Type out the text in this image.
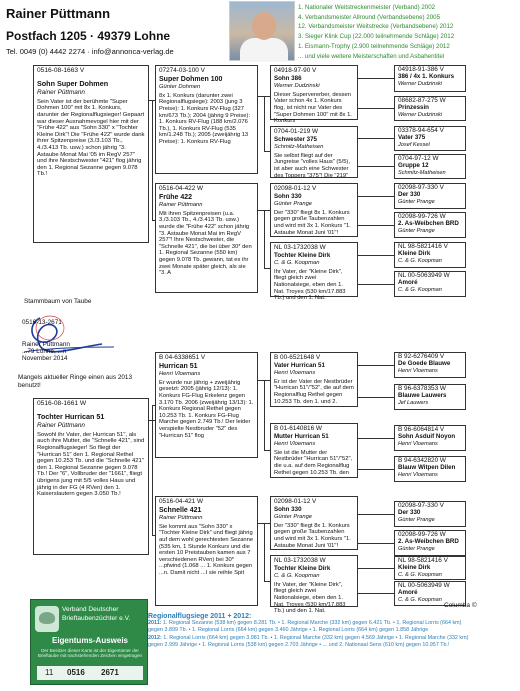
Rainer Püttmann
Postfach 1205 · 49379 Lohne
Tel. 0049 (0) 4442 2274 · info@annonca-verlag.de
1. Nationaler Weitstreckenmeister (Verband) 2002
4. Verbandsmeister Allround (Verbandsebene) 2005
12. Verbandsmeister Weitstrecke (Verbandsebene) 2012
3. Sieger Klink Cup (22.000 teilnehmende Schläge) 2012
1. Eismann-Trophy (2.900 teilnehmende Schläge) 2012
... und viele weitere Meisterschaften und Asbahentitel
0516-08-1663 V
Sohn Super Dohmen
Rainer Püttmann
Sein Vater ist der berühmte "Super Dohmen 100" mit 8x 1. Konkurs, darunter der Regionalflugsieger! Gepaart war dieser Ausnahmevogel hier mit der "Frühe 422" aus "Sohn 330" x "Tochter Kleine Dirk"! Die "Frühe 422" wurde dank ihrer Spitzenpreise (3./3.103 Tb., 4./3.413 Tb. usw.) schon jährig "3. Astaube Monat Mai '05 im RegV 257" und ihre Nestschwester "421" flog jährig den 1. Regional Sezanne gegen 9.078 Tb.!
07274-03-100 V
Super Dohmen 100
Günter Dohmen
8x 1. Konkurs (darunter zwei Regionalflugsiege): 2003 (jung 3 Preise): 1. Konkurs RV-Flug (327 km/673 Tb.); 2004 (jährig 9 Preise): 1. Konkurs RV-Flug (188 km/2.076 Tb.), 1. Konkurs RV-Flug (535 km/1.248 Tb.); 2005 (zweijährig 13 Preise): 1. Konkurs RV-Flug
0516-04-422 W
Frühe 422
Rainer Püttmann
Mit ihren Spitzenpreisen (u.a. 3./3.103 Tb., 4./3.413 Tb. usw.) wurde die "Frühe 422" schon jährig "3. Astaube Monat Mai im RegV 257"! Ihre Nestschwester, die "Schnelle 421", die bei über 30* den 1. Regional Sezanne (550 km) gegen 9.078 Tb. gewann, tat es ihr zwei Monate später gleich, als sie "3. A
04918-97-90 V
Sohn 386
Werner Dudzinski
Dieser Supervererber, dessen Vater schon 4x 1. Konkurs flog, ist nicht nur Vater des "Super Dohmen 100" mit 8x 1. Konkurs
0704-01-219 W
Schwester 375
Schmitz-Matheisen
Sie selbst fliegt auf der Jungreise "volles Haus" (5/5), ist aber auch eine Schwester des Toppers "375"! Die "219"
02098-01-12 V
Sohn 330
Günter Prange
Der "330" fliegt 8x 1. Konkurs gegen große Taubenzahlen und wird mit 3x 1. Konkurs "1. Astaube Monat Juni '01"!
NL 03-1732038 W
Tochter Kleine Dirk
C. & G. Koopman
Ihr Vater, der "Kleine Dirk", fliegt gleich zwei Nationalsiege, eben den 1. Nat. Troyes (530 km/17.883 Tb.) und den 1. Nat.
04918-91-386 V
386 / 4x 1. Konkurs
Werner Dudzinski
08682-87-275 W
Prinzessin
Werner Dudzinski
03378-94-654 V
Vater 375
Josef Kessel
0704-97-12 W
Gruppe 12
Schmitz-Matheisen
02098-97-330 V
Der 330
Günter Prange
02098-99-726 W
2. As-Weibchen BRD
Günter Prange
NL 98-5821416 V
Kleine Dirk
C. & G. Koopman
NL 00-5063949 W
Amoré
C. & G. Koopman
Stammbaum von Taube
0516-13-2671
Rainer Püttmann
...79 Lohne, ...n
November 2014
Mangels aktueller Ringe einen aus 2013 benutzt!
0516-08-1661 W
Tochter Hurrican 51
Rainer Püttmann
Sowohl ihr Vater, der Hurrican 51", als auch ihre Mutter, die "Schnelle 421", sind Regionalflugsieger! So fliegt der "Hurrican 51" den 1. Regional Rethel gegen 10.253 Tb. und die "Schnelle 421" den 1. Regional Sezanne gegen 9.078 Tb.! Der "6", Vollbruder der "1661", fliegt übrigens jung mit 5/5 volles Haus und jährig in der FG (4 RVen) den 1. Kaiserslautern gegen 3.050 Tb.!
B 04-6338651 V
Hurrican 51
Henri Vloemans
Er wurde nur jährig + zweijährig gesetzt: 2005 (jährig 12/13): 1. Konkurs FG-Flug Erkelenz gegen 3.170 Tb. 2006 (zweijährig 13/13): 1. Konkurs Regional Rethel gegen 10.253 Tb. 1. Konkurs FG-Flug Marche gegen 2.749 Tb.! Der leider verspielte Nestbruder "52" des "Hurrican 51" flog
0516-04-421 W
Schnelle 421
Rainer Püttmann
Sie kommt aus "Sohn 330" x "Tochter Kleine Dirk" und fliegt jährig auf dem wohl gerechtesten Sezanne (535 km, 1 Stunde Konkurs und die ersten 10 Preistauben kamen aus 7 verschiedenen RVen) bei 30* ...pfwind (1.068 ... 1. Konkurs gegen ...n. Damit nicht ...I sie reihte Spit
B 00-6521648 V
Vater Hurrican 51
Henri Vloemans
Er ist der Vater der Nestbrüder "Hurrican 51"/"52", die auf dem Regionalflug Rethel gegen 10.253 Tb. den 1. und 2.
B 01-6140816 W
Mutter Hurrican 51
Henri Vloemans
Sie ist die Mutter der Nestbrüder "Hurrican 51"/"52", die u.a. auf dem Regionalflug Rethel gegen 10.253 Tb. den
02098-01-12 V
Sohn 330
Günter Prange
Der "330" fliegt 8x 1. Konkurs gegen große Taubenzahlen und wird mit 3x 1. Konkurs "1. Astaube Monat Juni '01"!
NL 03-1732038 W
Tochter Kleine Dirk
C. & G. Koopman
Ihr Vater, der "Kleine Dirk", fliegt gleich zwei Nationalsiege, eben den 1. Nat. Troyes (530 km/17.883 Tb.) und den 1. Nat.
B 92-6276409 V
De Goede Blauwe
Henri Vloemans
B 96-6378353 W
Blauwe Lauwers
Jef Lauwers
B 96-6064814 V
Sohn Asduif Noyon
Henri Vloemans
B 94-6342820 W
Blauw Witpen Dilen
Henri Vloemans
02098-97-330 V
Der 330
Günter Prange
02098-99-726 W
2. As-Weibchen BRD
Günter Prange
NL 98-5821416 V
Kleine Dirk
C. & G. Koopman
NL 00-5063949 W
Amoré
C. & G. Koopman
Columba ©
Verband Deutscher
Brieftaubenzüchter e.V.
Eigentums-Ausweis
Der Besitzer dieser Karte ist der Eigentümer der Brieftaube mit nachstehenden Zeichen eingetragen
11 0516 2671
Regionalflugsiege 2011 + 2012:
2011: 1. Regional Sezanne (538 km) gegen 8.281 Tb. • 1. Regional Marche (332 km) gegen 6.421 Tb. • 1. Regional Lorris (664 km)
gegen 3.899 Tb. • 1. Regional Lorris (664 km) gegen 3.460 Jährige • 1. Regional Lorris (664 km) gegen 1.858 Jährige
2012: 1. Regional Lorris (664 km) gegen 3.981 Tb. • 1. Regional Marche (332 km) gegen 4.569 Jährige • 1. Regional Marche (332 km)
gegen 2.999 Jährige • 1. Regional Lorris (538 km) gegen 2.703 Jährige • ... und 2. Nationaal Sens (610 km) gegen 10.957 Tb.!
